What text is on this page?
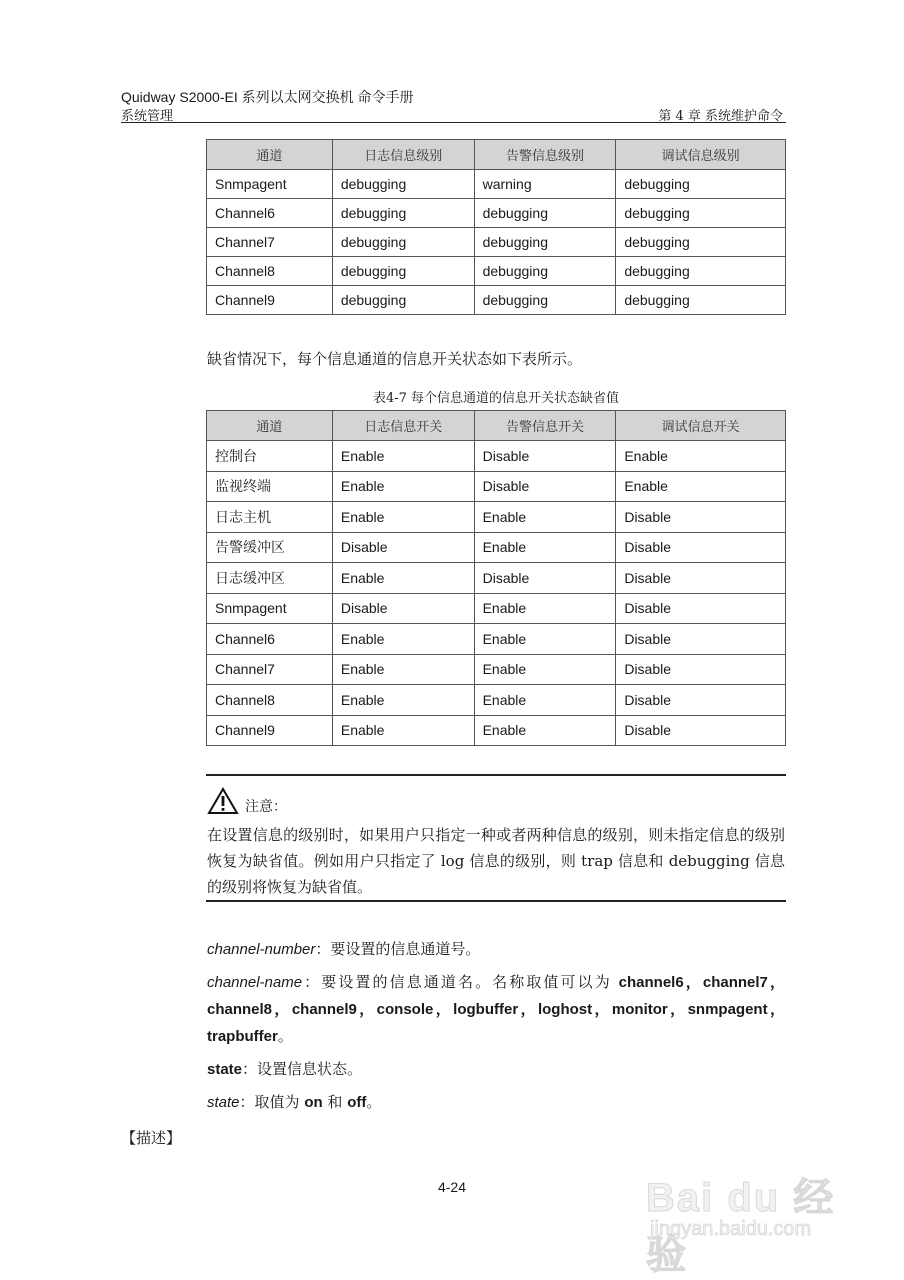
Quidway S2000-EI 系列以太网交换机 命令手册
系统管理	第 4 章 系统维护命令
通道	日志信息级别	告警信息级别	调试信息级别
Snmpagent	debugging	warning	debugging
Channel6	debugging	debugging	debugging
Channel7	debugging	debugging	debugging
Channel8	debugging	debugging	debugging
Channel9	debugging	debugging	debugging
缺省情况下，每个信息通道的信息开关状态如下表所示。
表4-7 每个信息通道的信息开关状态缺省值
通道	日志信息开关	告警信息开关	调试信息开关
控制台	Enable	Disable	Enable
监视终端	Enable	Disable	Enable
日志主机	Enable	Enable	Disable
告警缓冲区	Disable	Enable	Disable
日志缓冲区	Enable	Disable	Disable
Snmpagent	Disable	Enable	Disable
Channel6	Enable	Enable	Disable
Channel7	Enable	Enable	Disable
Channel8	Enable	Enable	Disable
Channel9	Enable	Enable	Disable
注意：
在设置信息的级别时，如果用户只指定一种或者两种信息的级别，则未指定信息的级别恢复为缺省值。例如用户只指定了 log 信息的级别，则 trap 信息和 debugging 信息的级别将恢复为缺省值。

channel-number：要设置的信息通道号。

channel-name：要设置的信息通道名。名称取值可以为 channel6，channel7，channel8，channel9，console，logbuffer，loghost，monitor，snmpagent，trapbuffer。

state：设置信息状态。

state：取值为 on 和 off。

【描述】
4-24	Bai du 经验
jingyan.baidu.com
